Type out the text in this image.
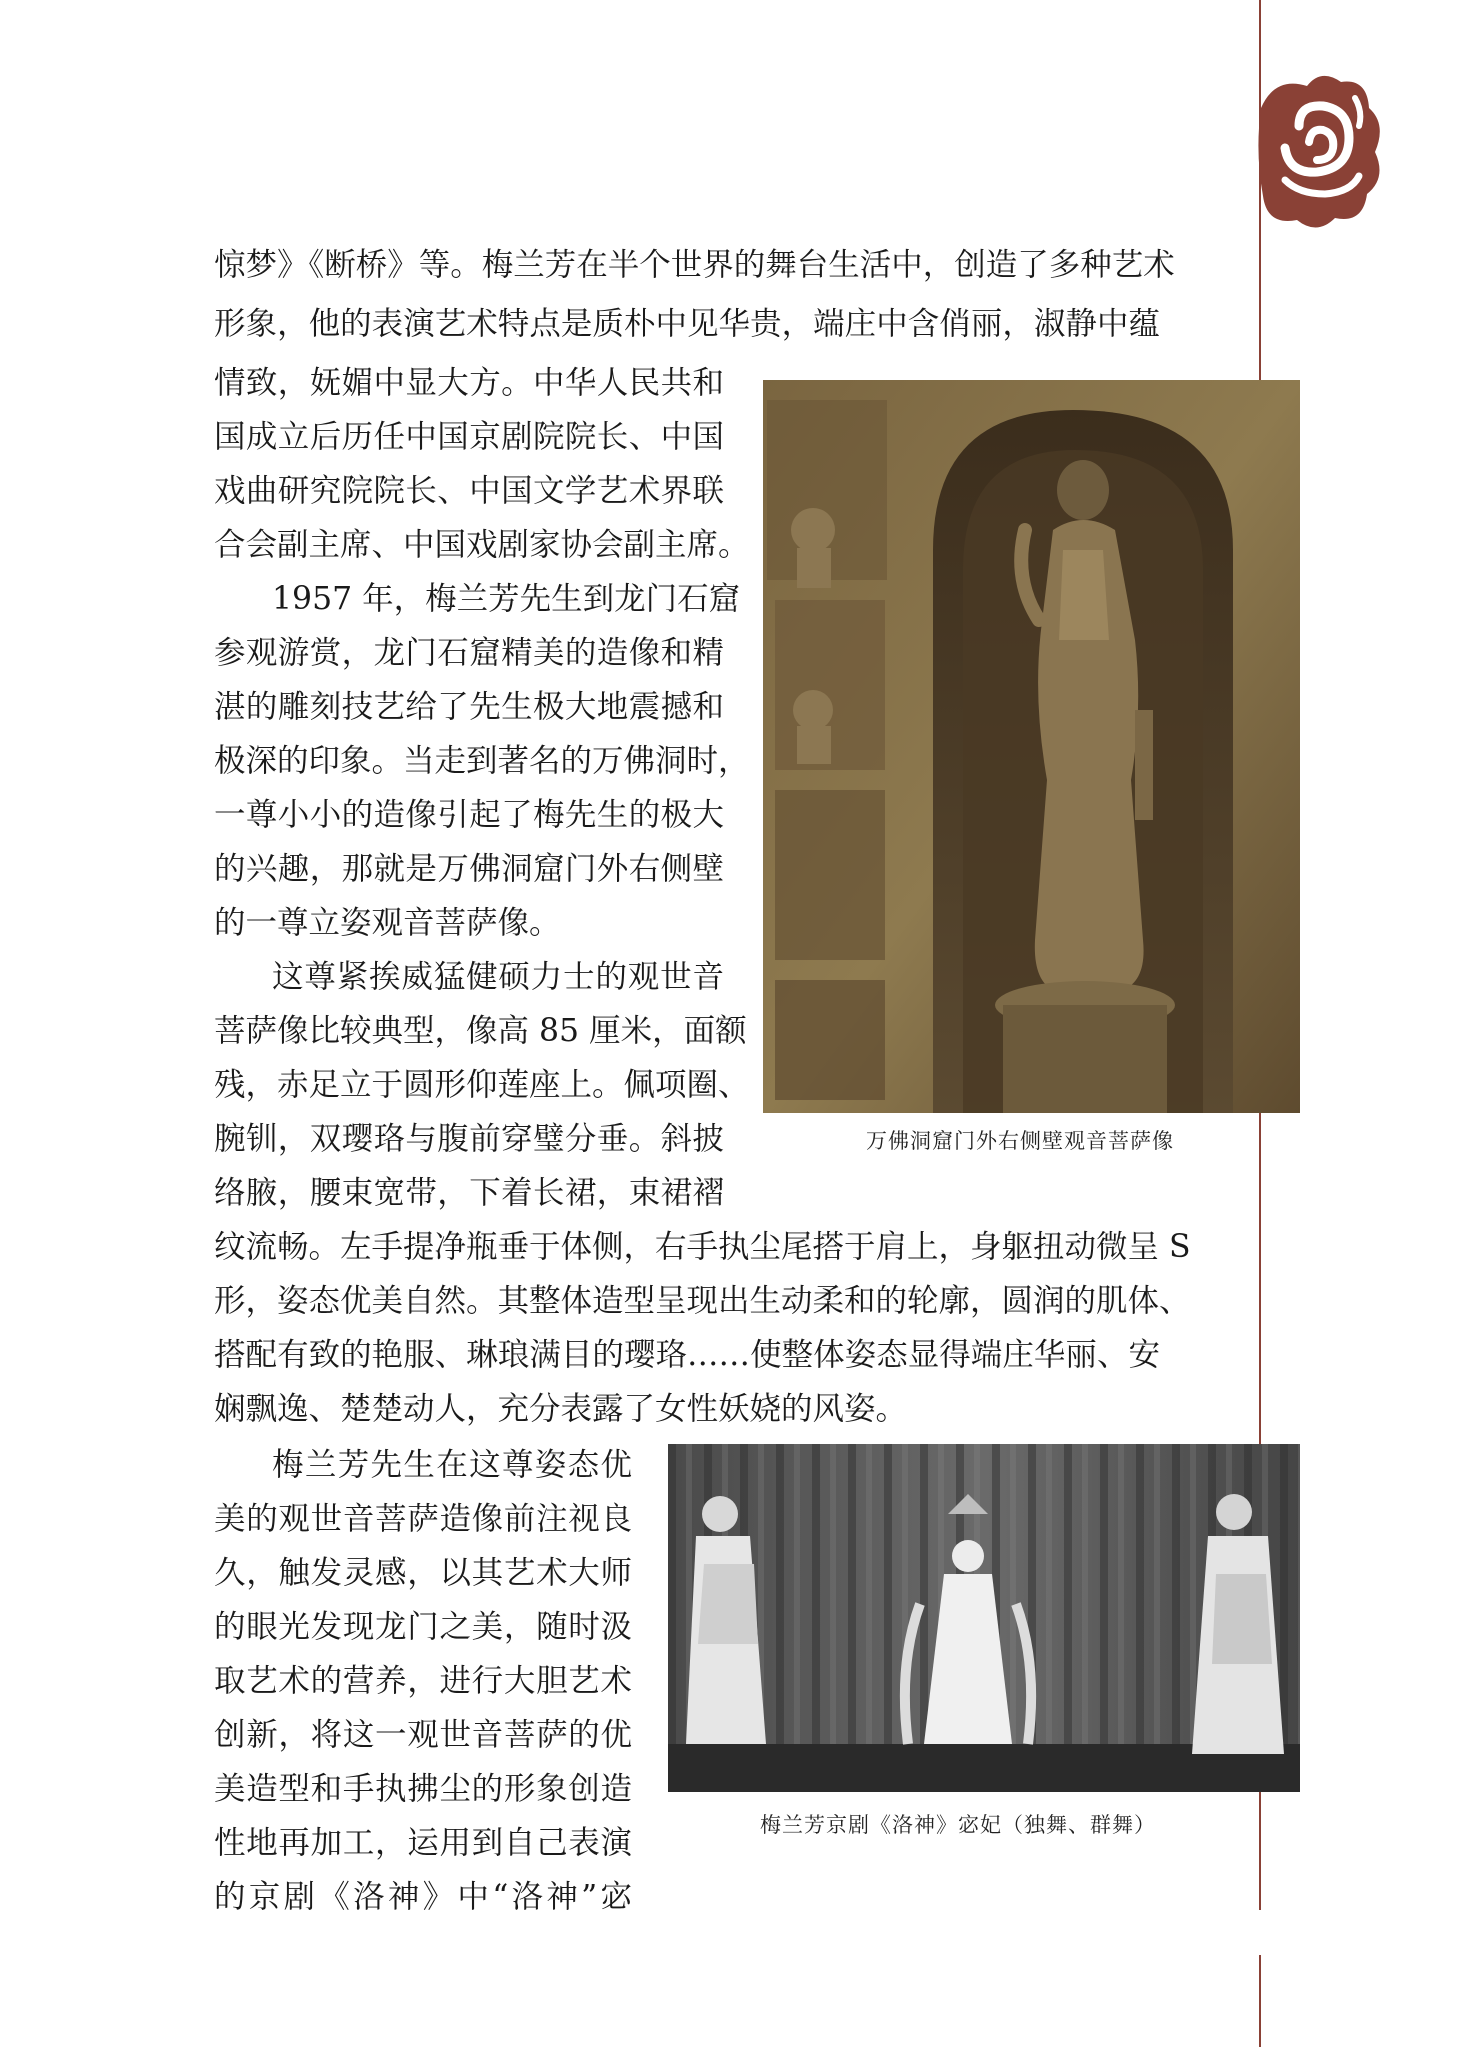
惊梦》《断桥》等。梅兰芳在半个世界的舞台生活中，创造了多种艺术
形象，他的表演艺术特点是质朴中见华贵，端庄中含俏丽，淑静中蕴
情致，妩媚中显大方。中华人民共和
国成立后历任中国京剧院院长、中国
戏曲研究院院长、中国文学艺术界联
合会副主席、中国戏剧家协会副主席。
1957 年，梅兰芳先生到龙门石窟
参观游赏，龙门石窟精美的造像和精
湛的雕刻技艺给了先生极大地震撼和
极深的印象。当走到著名的万佛洞时，
一尊小小的造像引起了梅先生的极大
的兴趣，那就是万佛洞窟门外右侧壁
的一尊立姿观音菩萨像。
这尊紧挨威猛健硕力士的观世音
菩萨像比较典型，像高 85 厘米，面额
残，赤足立于圆形仰莲座上。佩项圈、
腕钏，双璎珞与腹前穿璧分垂。斜披
络腋，腰束宽带，下着长裙，束裙褶
纹流畅。左手提净瓶垂于体侧，右手执尘尾搭于肩上，身躯扭动微呈 S
形，姿态优美自然。其整体造型呈现出生动柔和的轮廓，圆润的肌体、
搭配有致的艳服、琳琅满目的璎珞……使整体姿态显得端庄华丽、安
娴飘逸、楚楚动人，充分表露了女性妖娆的风姿。
梅兰芳先生在这尊姿态优
美的观世音菩萨造像前注视良
久，触发灵感，以其艺术大师
的眼光发现龙门之美，随时汲
取艺术的营养，进行大胆艺术
创新，将这一观世音菩萨的优
美造型和手执拂尘的形象创造
性地再加工，运用到自己表演
的京剧《洛神》中“洛神”宓
万佛洞窟门外右侧壁观音菩萨像
梅兰芳京剧《洛神》宓妃（独舞、群舞）
